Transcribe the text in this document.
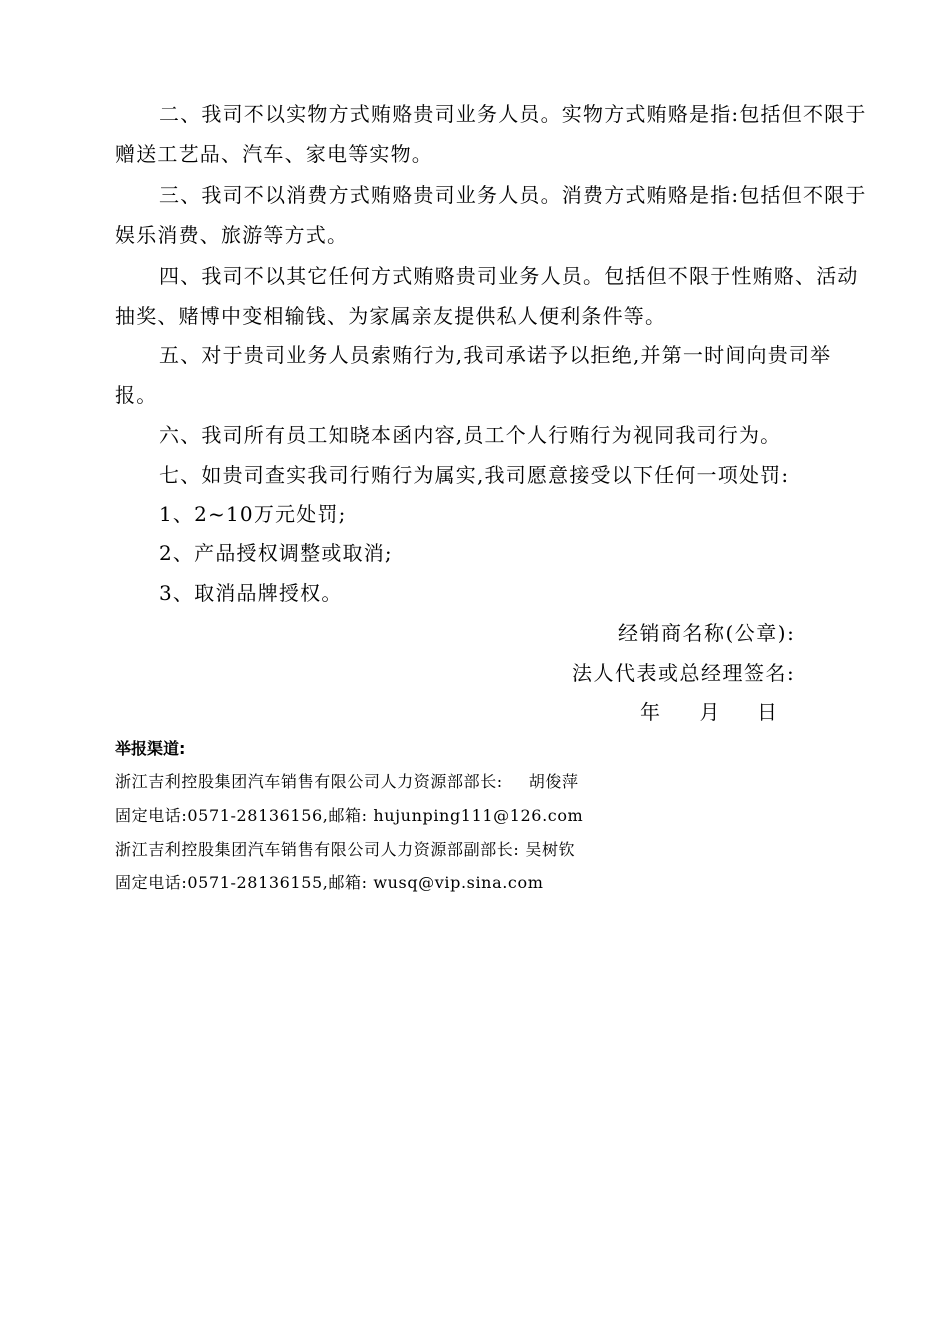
二、我司不以实物方式贿赂贵司业务人员。实物方式贿赂是指:包括但不限于赠送工艺品、汽车、家电等实物。
三、我司不以消费方式贿赂贵司业务人员。消费方式贿赂是指:包括但不限于娱乐消费、旅游等方式。
四、我司不以其它任何方式贿赂贵司业务人员。包括但不限于性贿赂、活动抽奖、赌博中变相输钱、为家属亲友提供私人便利条件等。
五、对于贵司业务人员索贿行为,我司承诺予以拒绝,并第一时间向贵司举报。
六、我司所有员工知晓本函内容,员工个人行贿行为视同我司行为。
七、如贵司查实我司行贿行为属实,我司愿意接受以下任何一项处罚:
1、2~10万元处罚;
2、产品授权调整或取消;
3、取消品牌授权。
经销商名称(公章):
法人代表或总经理签名:
年 月 日
举报渠道:
浙江吉利控股集团汽车销售有限公司人力资源部部长: 胡俊萍
固定电话:0571-28136156,邮箱: hujunping111@126.com
浙江吉利控股集团汽车销售有限公司人力资源部副部长: 吴树钦
固定电话:0571-28136155,邮箱: wusq@vip.sina.com
